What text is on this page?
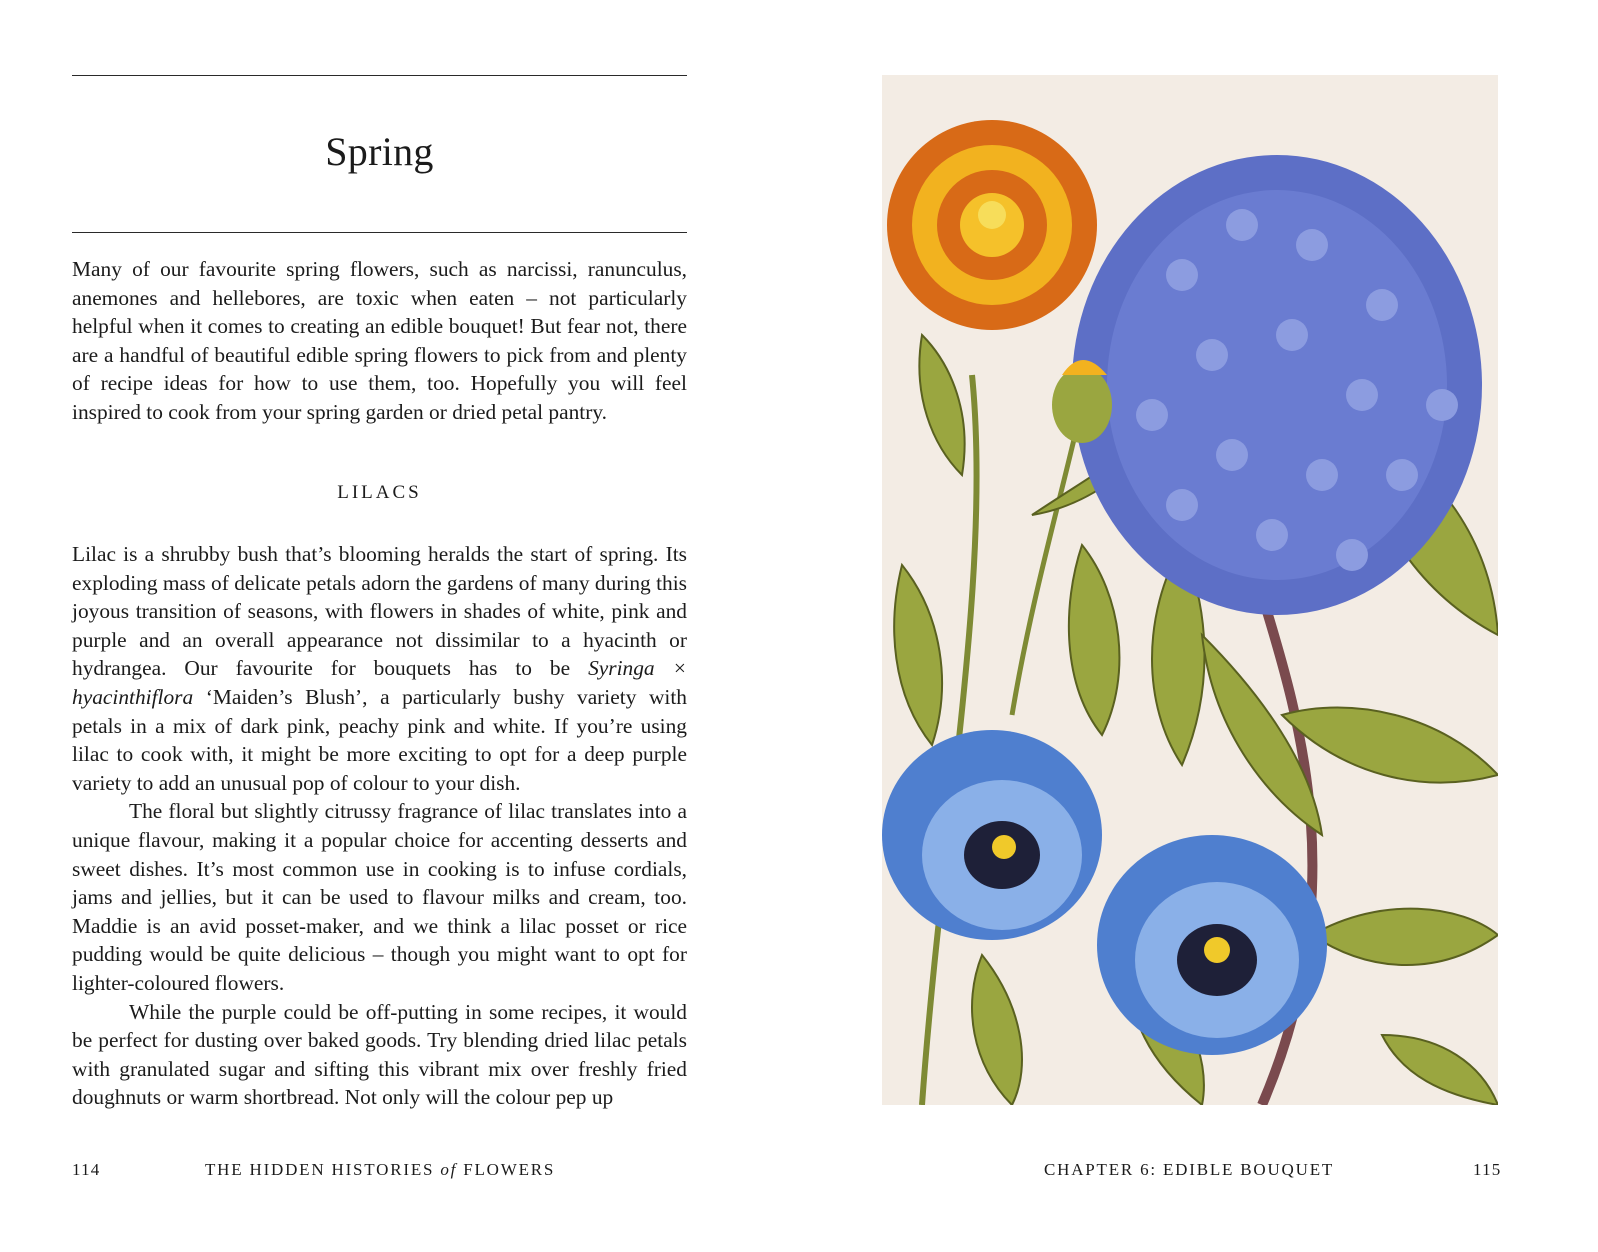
Spring

Many of our favourite spring flowers, such as narcissi, ranunculus, anemones and hellebores, are toxic when eaten – not particularly helpful when it comes to creating an edible bouquet! But fear not, there are a handful of beautiful edible spring flowers to pick from and plenty of recipe ideas for how to use them, too. Hopefully you will feel inspired to cook from your spring garden or dried petal pantry.

LILACS

Lilac is a shrubby bush that’s blooming heralds the start of spring. Its exploding mass of delicate petals adorn the gardens of many during this joyous transition of seasons, with flowers in shades of white, pink and purple and an overall appearance not dissimilar to a hyacinth or hydrangea. Our favourite for bouquets has to be Syringa × hyacinthiflora ‘Maiden’s Blush’, a particularly bushy variety with petals in a mix of dark pink, peachy pink and white. If you’re using lilac to cook with, it might be more exciting to opt for a deep purple variety to add an unusual pop of colour to your dish.

The floral but slightly citrussy fragrance of lilac translates into a unique flavour, making it a popular choice for accenting desserts and sweet dishes. It’s most common use in cooking is to infuse cordials, jams and jellies, but it can be used to flavour milks and cream, too. Maddie is an avid posset-maker, and we think a lilac posset or rice pudding would be quite delicious – though you might want to opt for lighter-coloured flowers.

While the purple could be off-putting in some recipes, it would be perfect for dusting over baked goods. Try blending dried lilac petals with granulated sugar and sifting this vibrant mix over freshly fried doughnuts or warm shortbread. Not only will the colour pep up

114	THE HIDDEN HISTORIES of FLOWERS	CHAPTER 6: EDIBLE BOUQUET	115
